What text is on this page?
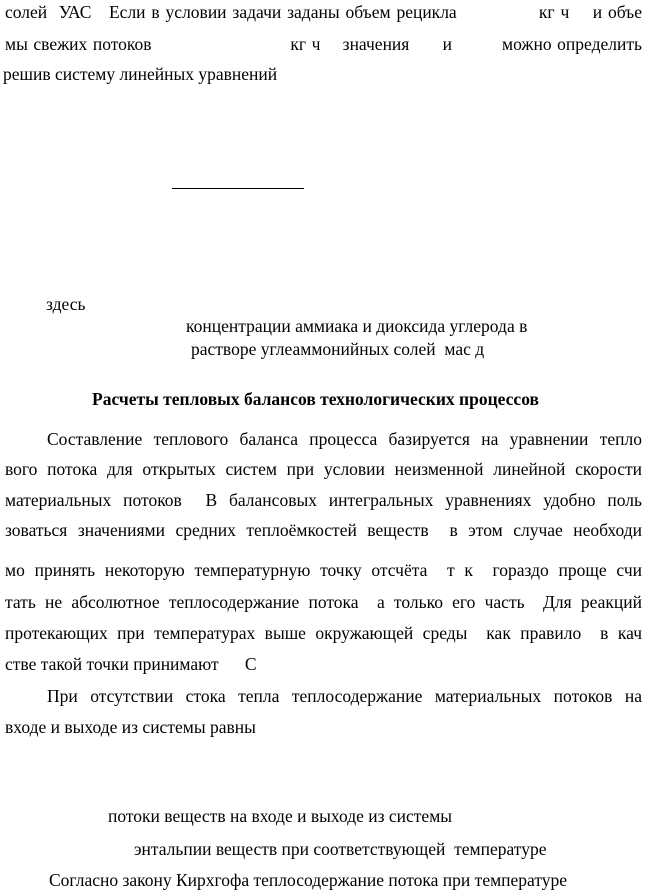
солей  УАС   Если в условии задачи заданы объем рецикла              кг ч    и объе
мы свежих потоков                         кг ч    значения      и         можно определить
решив систему линейных уравнений
здесь
концентрации аммиака и диоксида углерода в
растворе углеаммонийных солей  мас д
Расчеты тепловых балансов технологических процессов
Составление теплового баланса процесса базируется на уравнении тепло
вого потока для открытых систем при условии неизменной линейной скорости
материальных потоков  В балансовых интегральных уравнениях удобно поль
зоваться значениями средних теплоёмкостей веществ  в этом случае необходи
мо принять некоторую температурную точку отсчёта  т к  гораздо проще счи
тать не абсолютное теплосодержание потока  а только его часть  Для реакций
протекающих при температурах выше окружающей среды  как правило  в кач
стве такой точки принимают      С
При отсутствии стока тепла теплосодержание материальных потоков на
входе и выходе из системы равны
потоки веществ на входе и выходе из системы
энтальпии веществ при соответствующей  температуре
Согласно закону Кирхгофа теплосодержание потока при температуре
